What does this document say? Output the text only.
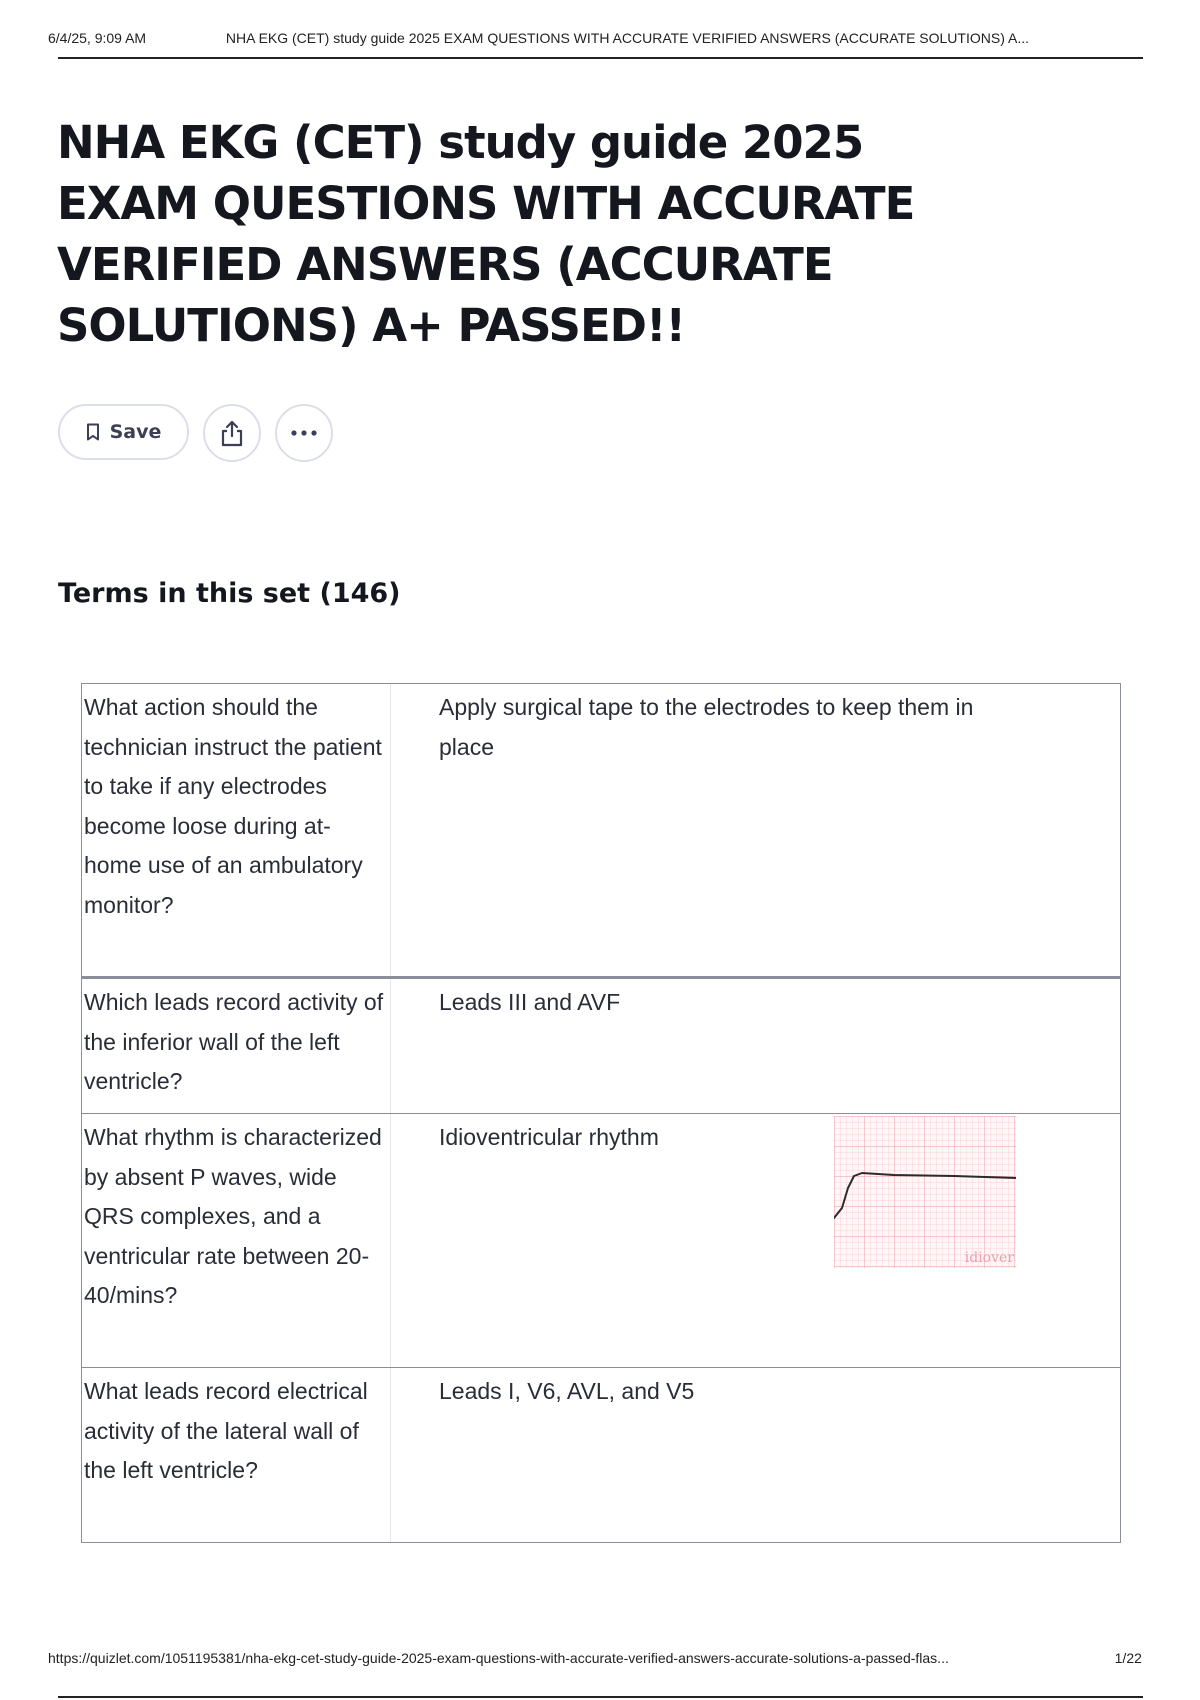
6/4/25, 9:09 AM	NHA EKG (CET) study guide 2025 EXAM QUESTIONS WITH ACCURATE VERIFIED ANSWERS (ACCURATE SOLUTIONS) A...
NHA EKG (CET) study guide 2025 EXAM QUESTIONS WITH ACCURATE VERIFIED ANSWERS (ACCURATE SOLUTIONS) A+ PASSED!!
Save
Terms in this set (146)
What action should the technician instruct the patient to take if any electrodes become loose during at-home use of an ambulatory monitor?
Apply surgical tape to the electrodes to keep them in place
Which leads record activity of the inferior wall of the left ventricle?
Leads III and AVF
What rhythm is characterized by absent P waves, wide QRS complexes, and a ventricular rate between 20-40/mins?
Idioventricular rhythm
idiover
What leads record electrical activity of the lateral wall of the left ventricle?
Leads I, V6, AVL, and V5
https://quizlet.com/1051195381/nha-ekg-cet-study-guide-2025-exam-questions-with-accurate-verified-answers-accurate-solutions-a-passed-flas...	1/22
